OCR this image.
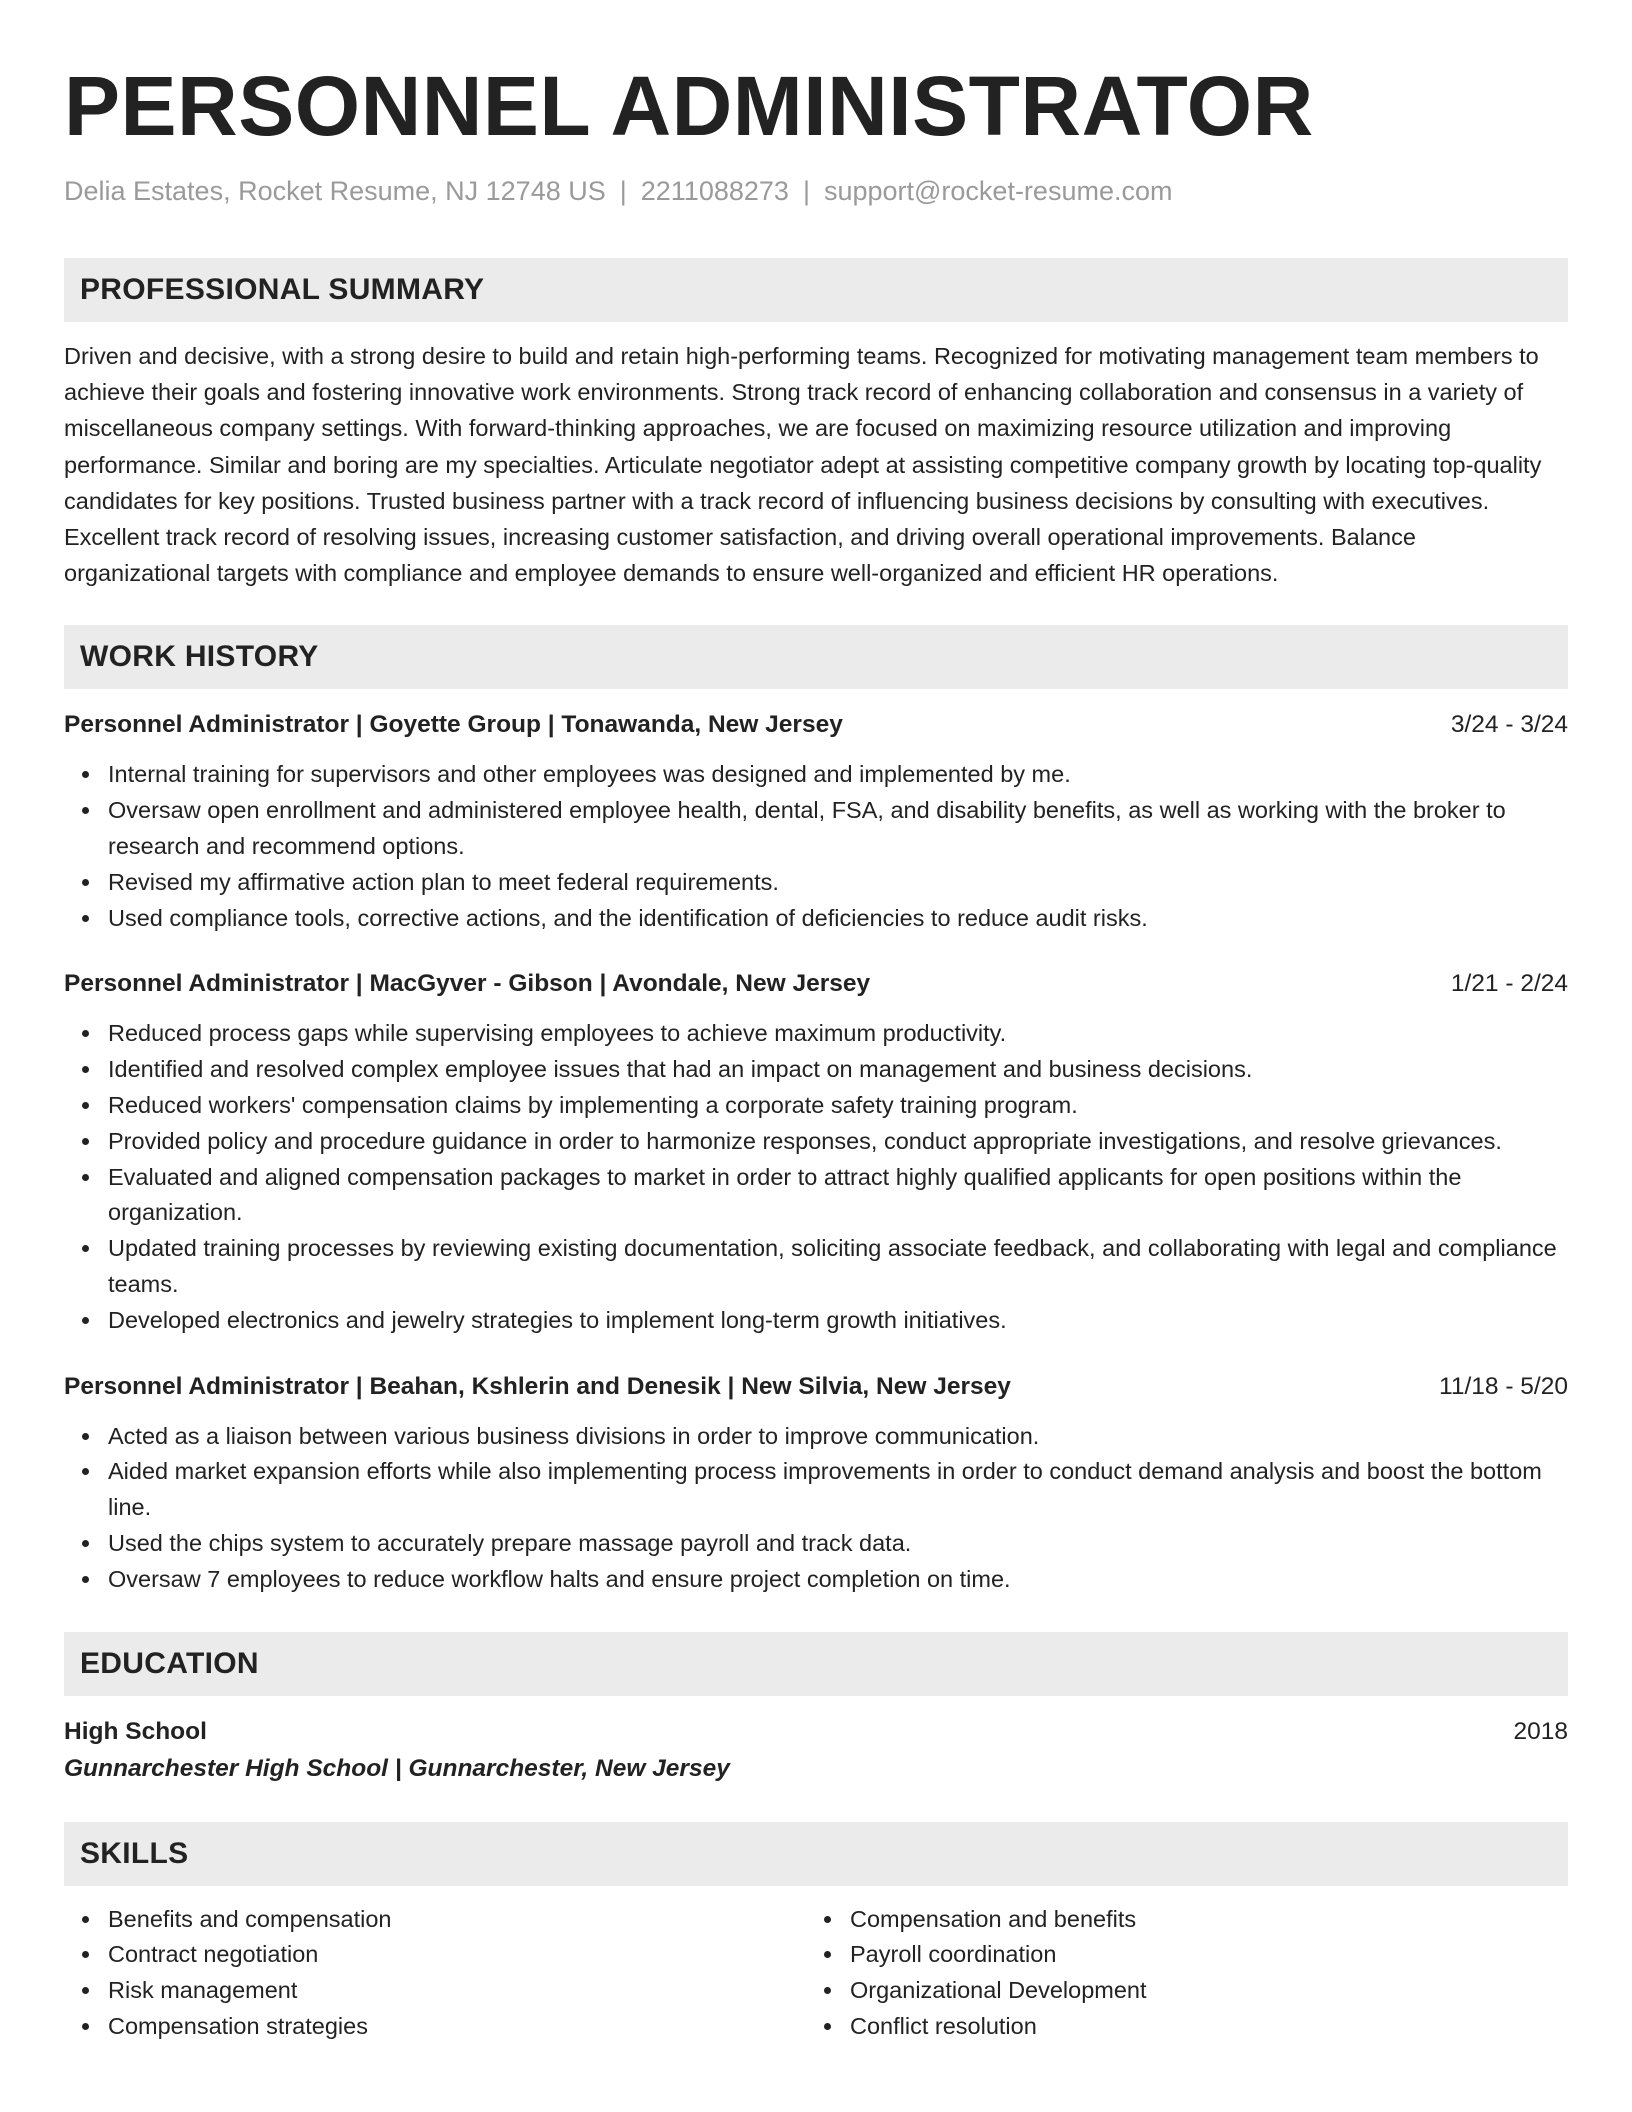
PERSONNEL ADMINISTRATOR
Delia Estates, Rocket Resume, NJ 12748 US | 2211088273 | support@rocket-resume.com
PROFESSIONAL SUMMARY
Driven and decisive, with a strong desire to build and retain high-performing teams. Recognized for motivating management team members to achieve their goals and fostering innovative work environments. Strong track record of enhancing collaboration and consensus in a variety of miscellaneous company settings. With forward-thinking approaches, we are focused on maximizing resource utilization and improving performance. Similar and boring are my specialties. Articulate negotiator adept at assisting competitive company growth by locating top-quality candidates for key positions. Trusted business partner with a track record of influencing business decisions by consulting with executives. Excellent track record of resolving issues, increasing customer satisfaction, and driving overall operational improvements. Balance organizational targets with compliance and employee demands to ensure well-organized and efficient HR operations.
WORK HISTORY
Personnel Administrator | Goyette Group | Tonawanda, New Jersey	3/24 - 3/24
Internal training for supervisors and other employees was designed and implemented by me.
Oversaw open enrollment and administered employee health, dental, FSA, and disability benefits, as well as working with the broker to research and recommend options.
Revised my affirmative action plan to meet federal requirements.
Used compliance tools, corrective actions, and the identification of deficiencies to reduce audit risks.
Personnel Administrator | MacGyver - Gibson | Avondale, New Jersey	1/21 - 2/24
Reduced process gaps while supervising employees to achieve maximum productivity.
Identified and resolved complex employee issues that had an impact on management and business decisions.
Reduced workers' compensation claims by implementing a corporate safety training program.
Provided policy and procedure guidance in order to harmonize responses, conduct appropriate investigations, and resolve grievances.
Evaluated and aligned compensation packages to market in order to attract highly qualified applicants for open positions within the organization.
Updated training processes by reviewing existing documentation, soliciting associate feedback, and collaborating with legal and compliance teams.
Developed electronics and jewelry strategies to implement long-term growth initiatives.
Personnel Administrator | Beahan, Kshlerin and Denesik | New Silvia, New Jersey	11/18 - 5/20
Acted as a liaison between various business divisions in order to improve communication.
Aided market expansion efforts while also implementing process improvements in order to conduct demand analysis and boost the bottom line.
Used the chips system to accurately prepare massage payroll and track data.
Oversaw 7 employees to reduce workflow halts and ensure project completion on time.
EDUCATION
High School	2018
Gunnarchester High School | Gunnarchester, New Jersey
SKILLS
Benefits and compensation
Contract negotiation
Risk management
Compensation strategies
Compensation and benefits
Payroll coordination
Organizational Development
Conflict resolution
